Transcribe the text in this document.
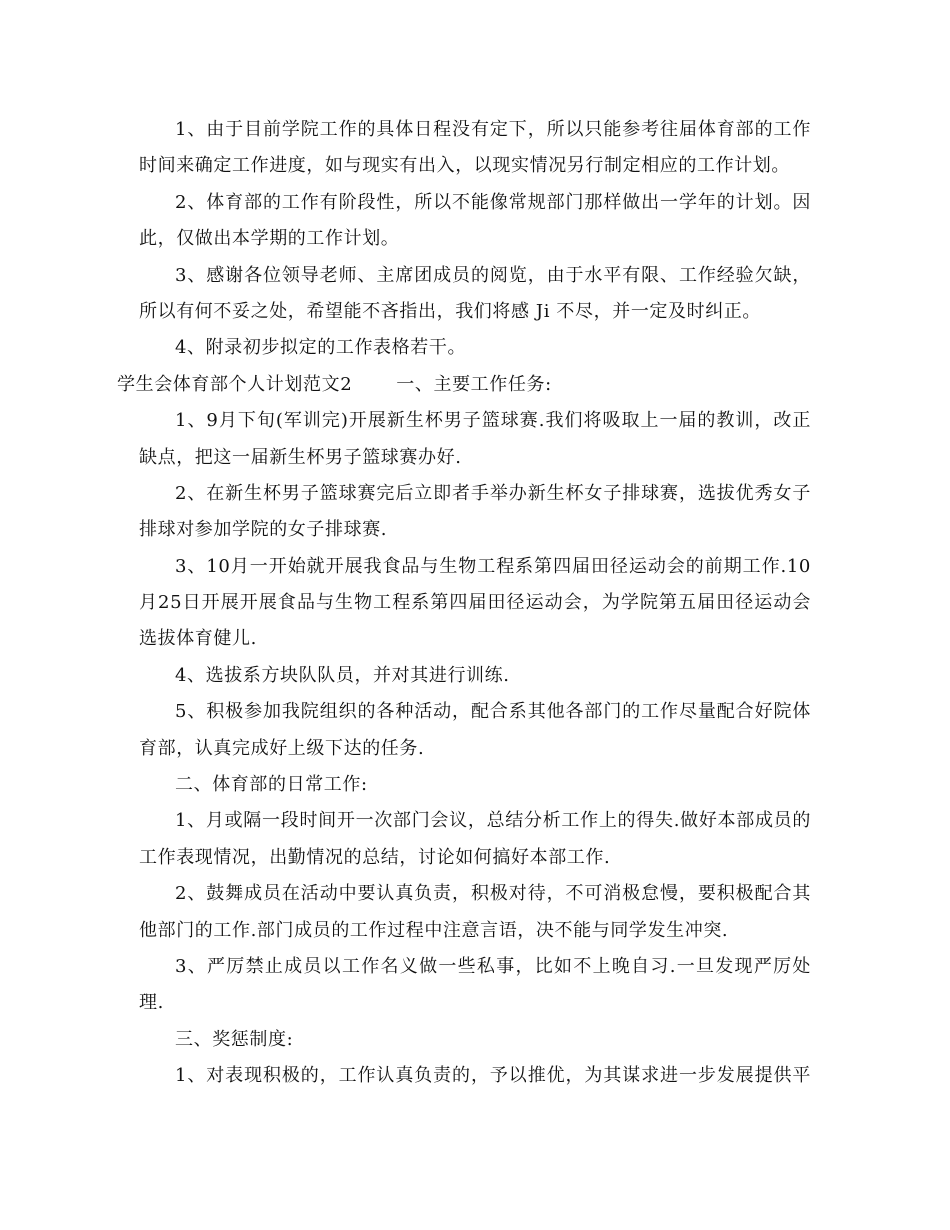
1、由于目前学院工作的具体日程没有定下，所以只能参考往届体育部的工作
时间来确定工作进度，如与现实有出入，以现实情况另行制定相应的工作计划。
2、体育部的工作有阶段性，所以不能像常规部门那样做出一学年的计划。因
此，仅做出本学期的工作计划。
3、感谢各位领导老师、主席团成员的阅览，由于水平有限、工作经验欠缺，
所以有何不妥之处，希望能不吝指出，我们将感 Ji 不尽，并一定及时纠正。
4、附录初步拟定的工作表格若干。
学生会体育部个人计划范文2 一、主要工作任务:
1、9月下旬(军训完)开展新生杯男子篮球赛.我们将吸取上一届的教训，改正
缺点，把这一届新生杯男子篮球赛办好.
2、在新生杯男子篮球赛完后立即者手举办新生杯女子排球赛，选拔优秀女子
排球对参加学院的女子排球赛.
3、10月一开始就开展我食品与生物工程系第四届田径运动会的前期工作.10
月25日开展开展食品与生物工程系第四届田径运动会，为学院第五届田径运动会
选拔体育健儿.
4、选拔系方块队队员，并对其进行训练.
5、积极参加我院组织的各种活动，配合系其他各部门的工作尽量配合好院体
育部，认真完成好上级下达的任务.
二、体育部的日常工作:
1、月或隔一段时间开一次部门会议，总结分析工作上的得失.做好本部成员的
工作表现情况，出勤情况的总结，讨论如何搞好本部工作.
2、鼓舞成员在活动中要认真负责，积极对待，不可消极怠慢，要积极配合其
他部门的工作.部门成员的工作过程中注意言语，决不能与同学发生冲突.
3、严厉禁止成员以工作名义做一些私事，比如不上晚自习.一旦发现严厉处
理.
三、奖惩制度:
1、对表现积极的，工作认真负责的，予以推优，为其谋求进一步发展提供平
